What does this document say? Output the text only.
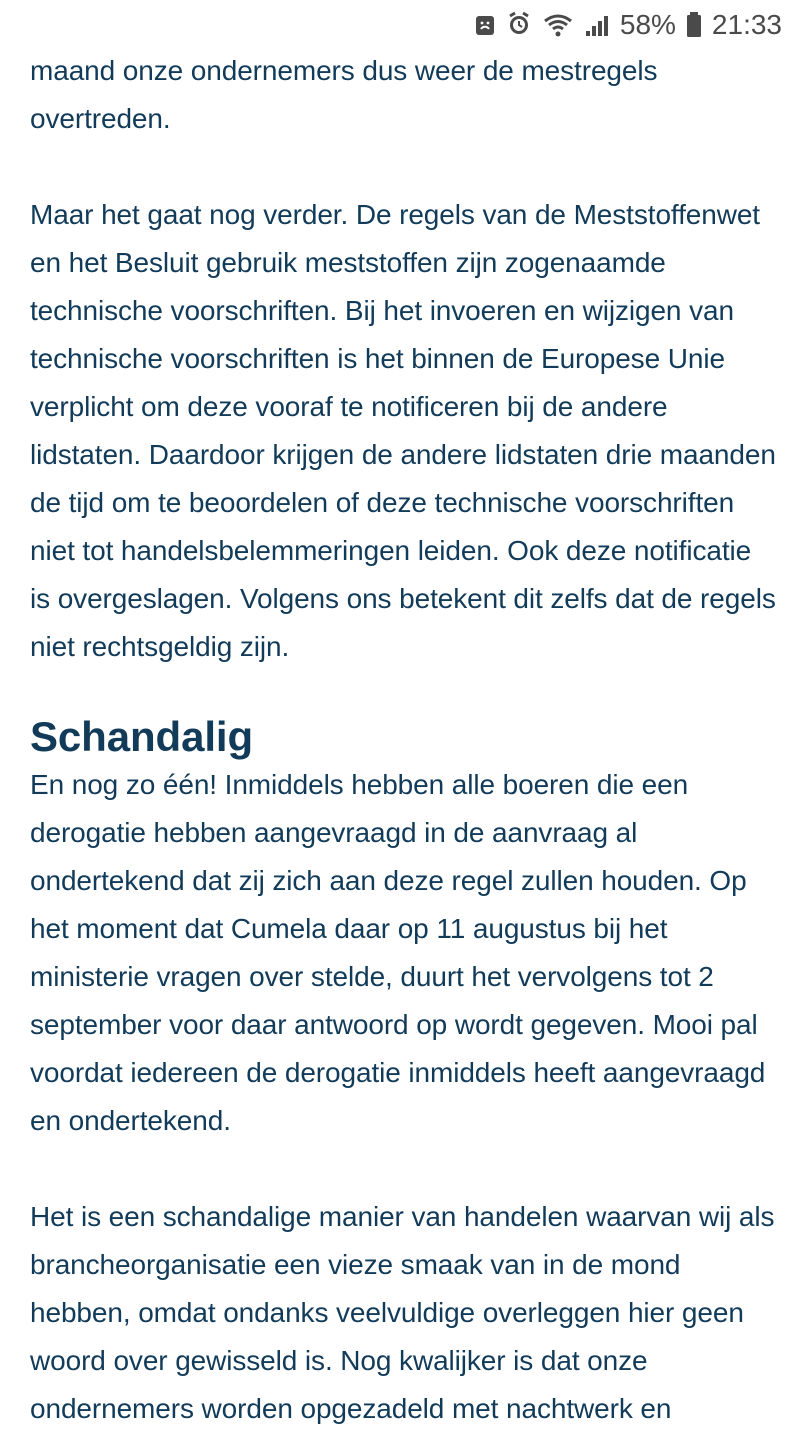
58% 21:33

maand onze ondernemers dus weer de mestregels overtreden.

Maar het gaat nog verder. De regels van de Meststoffenwet en het Besluit gebruik meststoffen zijn zogenaamde technische voorschriften. Bij het invoeren en wijzigen van technische voorschriften is het binnen de Europese Unie verplicht om deze vooraf te notificeren bij de andere lidstaten. Daardoor krijgen de andere lidstaten drie maanden de tijd om te beoordelen of deze technische voorschriften niet tot handelsbelemmeringen leiden. Ook deze notificatie is overgeslagen. Volgens ons betekent dit zelfs dat de regels niet rechtsgeldig zijn.

Schandalig

En nog zo één! Inmiddels hebben alle boeren die een derogatie hebben aangevraagd in de aanvraag al ondertekend dat zij zich aan deze regel zullen houden. Op het moment dat Cumela daar op 11 augustus bij het ministerie vragen over stelde, duurt het vervolgens tot 2 september voor daar antwoord op wordt gegeven. Mooi pal voordat iedereen de derogatie inmiddels heeft aangevraagd en ondertekend.

Het is een schandalige manier van handelen waarvan wij als brancheorganisatie een vieze smaak van in de mond hebben, omdat ondanks veelvuldige overleggen hier geen woord over gewisseld is. Nog kwalijker is dat onze ondernemers worden opgezadeld met nachtwerk en
